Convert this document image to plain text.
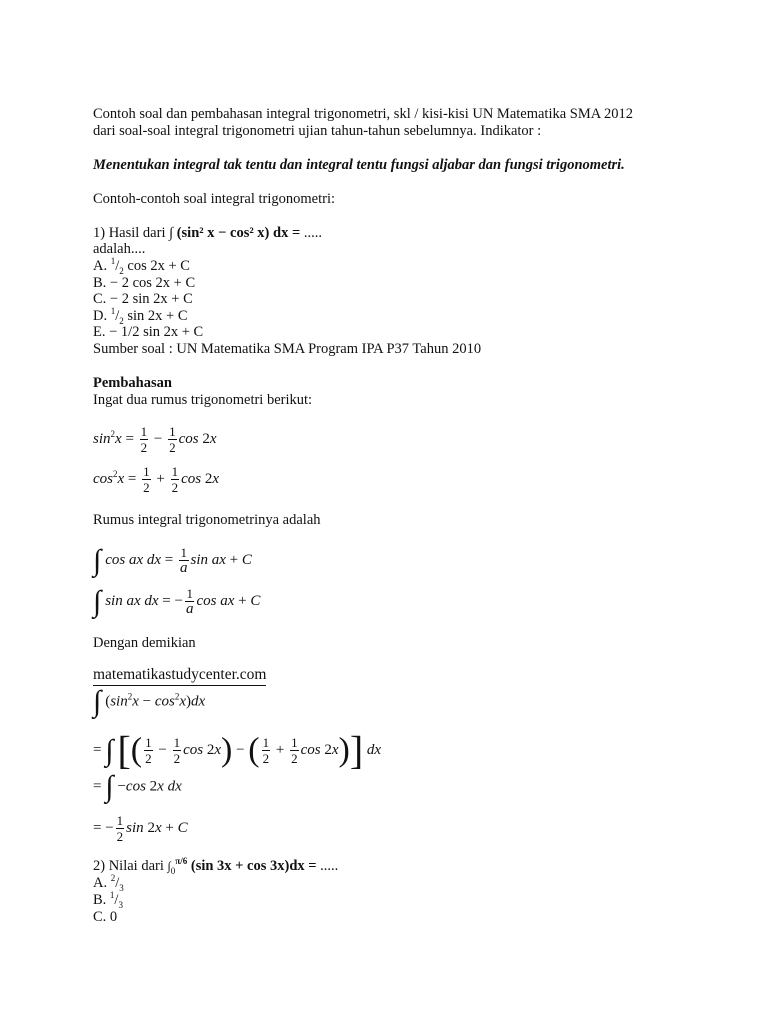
Contoh soal dan pembahasan integral trigonometri, skl / kisi-kisi UN Matematika SMA 2012
dari soal-soal integral trigonometri ujian tahun-tahun sebelumnya. Indikator :
Menentukan integral tak tentu dan integral tentu fungsi aljabar dan fungsi trigonometri.
Contoh-contoh soal integral trigonometri:
1) Hasil dari ∫ (sin² x − cos² x) dx = .....
adalah....
A. $^1/_2$ cos 2x + C
B. − 2 cos 2x + C
C. − 2 sin 2x + C
D. $^1/_2$ sin 2x + C
E. − 1/2 sin 2x + C
Sumber soal : UN Matematika SMA Program IPA P37 Tahun 2010
Pembahasan
Ingat dua rumus trigonometri berikut:
$\sin^2x = \frac{1}{2} - \frac{1}{2}$ cos 2x
$\cos^2x = \frac{1}{2} + \frac{1}{2}$ cos 2x
Rumus integral trigonometrinya adalah
∫ cos ax dx = $\frac{1}{a}$ sin ax + C
∫ sin ax dx = − $\frac{1}{a}$ cos ax + C
Dengan demikian
matematikastudycenter.com
∫ $(\sin^2x - \cos^2x)dx$
= ∫ [( $\frac{1}{2} - \frac{1}{2}$ cos 2x) − ( $\frac{1}{2} + \frac{1}{2}$ cos 2x)] dx
= ∫ −cos 2x dx
= − $\frac{1}{2}$ sin 2x + C
2) Nilai dari $\int_0^{\pi/6}$ (sin 3x + cos 3x)dx = .....
A. $^2/_3$
B. $^1/_3$
C. 0
